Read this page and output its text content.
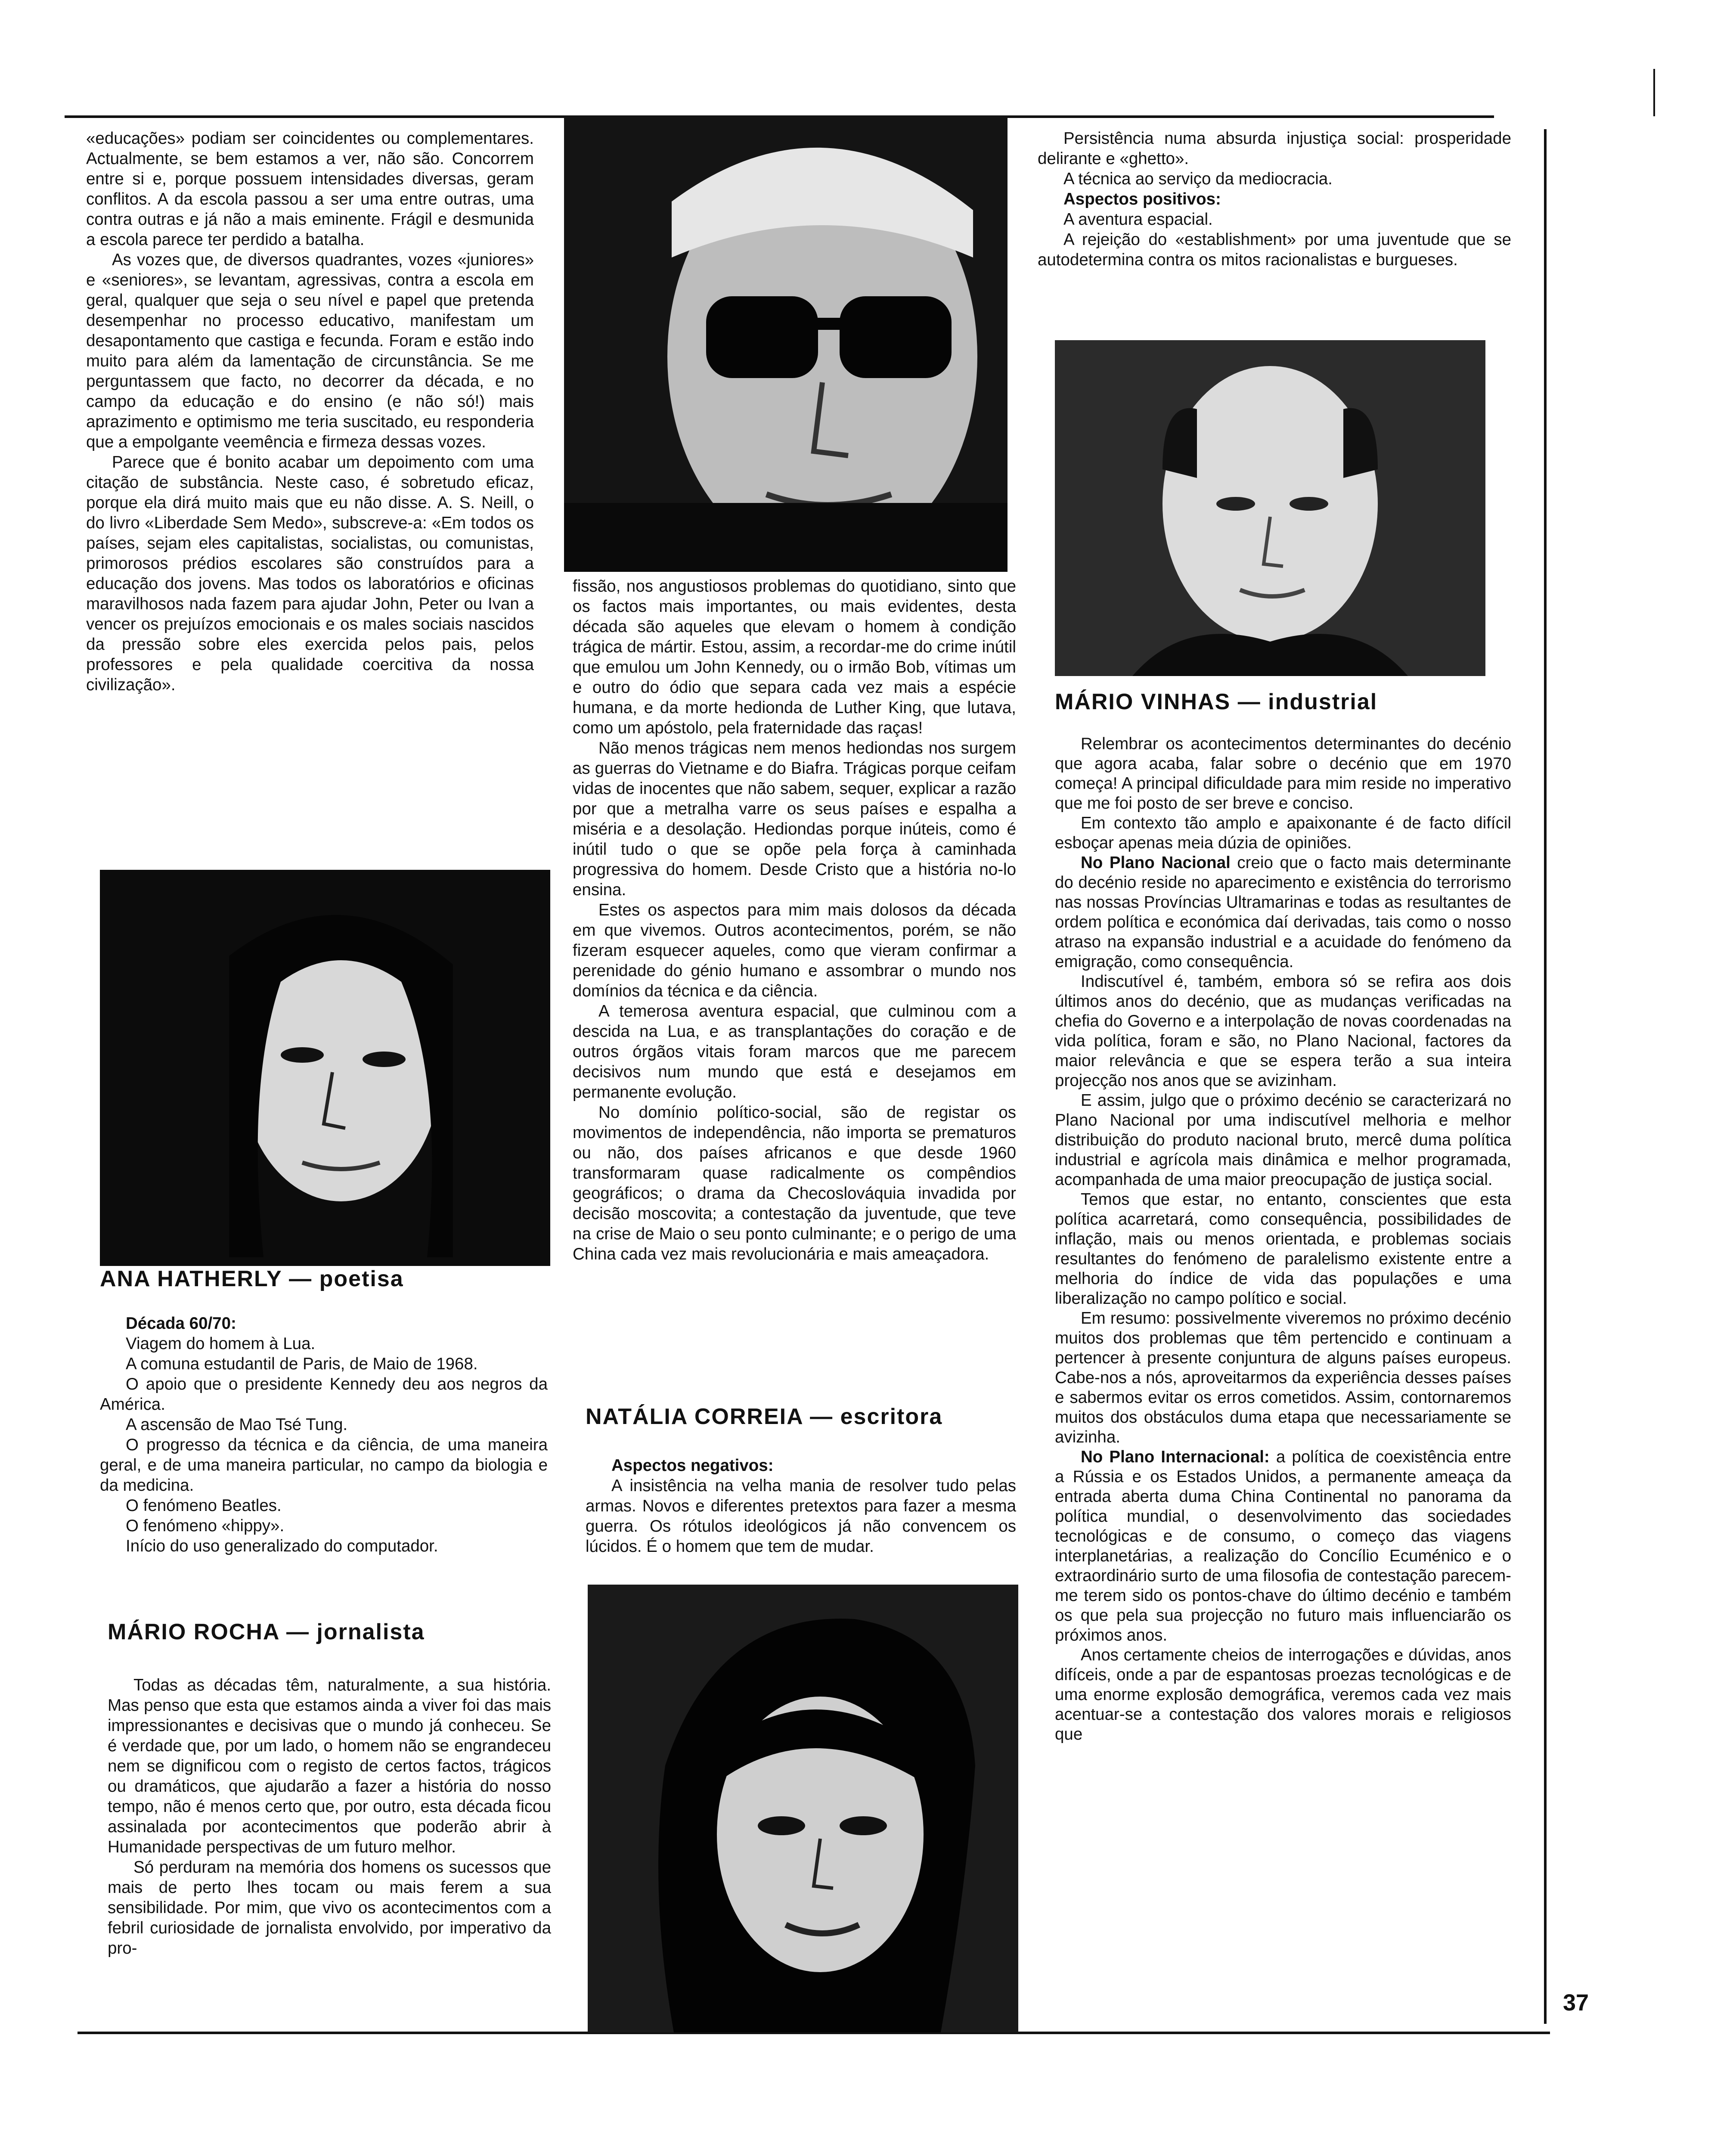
«educações» podiam ser coincidentes ou complementares. Actualmente, se bem estamos a ver, não são. Concorrem entre si e, porque possuem intensidades diversas, geram conflitos. A da escola passou a ser uma entre outras, uma contra outras e já não a mais eminente. Frágil e desmunida a escola parece ter perdido a batalha.

As vozes que, de diversos quadrantes, vozes «juniores» e «seniores», se levantam, agressivas, contra a escola em geral, qualquer que seja o seu nível e papel que pretenda desempenhar no processo educativo, manifestam um desapontamento que castiga e fecunda. Foram e estão indo muito para além da lamentação de circunstância. Se me perguntassem que facto, no decorrer da década, e no campo da educação e do ensino (e não só!) mais aprazimento e optimismo me teria suscitado, eu responderia que a empolgante veemência e firmeza dessas vozes.

Parece que é bonito acabar um depoimento com uma citação de substância. Neste caso, é sobretudo eficaz, porque ela dirá muito mais que eu não disse. A. S. Neill, o do livro «Liberdade Sem Medo», subscreve-a: «Em todos os países, sejam eles capitalistas, socialistas, ou comunistas, primorosos prédios escolares são construídos para a educação dos jovens. Mas todos os laboratórios e oficinas maravilhosos nada fazem para ajudar John, Peter ou Ivan a vencer os prejuízos emocionais e os males sociais nascidos da pressão sobre eles exercida pelos pais, pelos professores e pela qualidade coercitiva da nossa civilização».

ANA HATHERLY — poetisa
Década 60/70:

Viagem do homem à Lua.

A comuna estudantil de Paris, de Maio de 1968.

O apoio que o presidente Kennedy deu aos negros da América.

A ascensão de Mao Tsé Tung.

O progresso da técnica e da ciência, de uma maneira geral, e de uma maneira particular, no campo da biologia e da medicina.

O fenómeno Beatles.

O fenómeno «hippy».

Início do uso generalizado do computador.

MÁRIO ROCHA — jornalista

Todas as décadas têm, naturalmente, a sua história. Mas penso que esta que estamos ainda a viver foi das mais impressionantes e decisivas que o mundo já conheceu. Se é verdade que, por um lado, o homem não se engrandeceu nem se dignificou com o registo de certos factos, trágicos ou dramáticos, que ajudarão a fazer a história do nosso tempo, não é menos certo que, por outro, esta década ficou assinalada por acontecimentos que poderão abrir à Humanidade perspectivas de um futuro melhor.

Só perduram na memória dos homens os sucessos que mais de perto lhes tocam ou mais ferem a sua sensibilidade. Por mim, que vivo os acontecimentos com a febril curiosidade de jornalista envolvido, por imperativo da pro-

fissão, nos angustiosos problemas do quotidiano, sinto que os factos mais importantes, ou mais evidentes, desta década são aqueles que elevam o homem à condição trágica de mártir. Estou, assim, a recordar-me do crime inútil que emulou um John Kennedy, ou o irmão Bob, vítimas um e outro do ódio que separa cada vez mais a espécie humana, e da morte hedionda de Luther King, que lutava, como um apóstolo, pela fraternidade das raças!

Não menos trágicas nem menos hediondas nos surgem as guerras do Vietname e do Biafra. Trágicas porque ceifam vidas de inocentes que não sabem, sequer, explicar a razão por que a metralha varre os seus países e espalha a miséria e a desolação. Hediondas porque inúteis, como é inútil tudo o que se opõe pela força à caminhada progressiva do homem. Desde Cristo que a história no-lo ensina.

Estes os aspectos para mim mais dolosos da década em que vivemos. Outros acontecimentos, porém, se não fizeram esquecer aqueles, como que vieram confirmar a perenidade do génio humano e assombrar o mundo nos domínios da técnica e da ciência.

A temerosa aventura espacial, que culminou com a descida na Lua, e as transplantações do coração e de outros órgãos vitais foram marcos que me parecem decisivos num mundo que está e desejamos em permanente evolução.

No domínio político-social, são de registar os movimentos de independência, não importa se prematuros ou não, dos países africanos e que desde 1960 transformaram quase radicalmente os compêndios geográficos; o drama da Checoslováquia invadida por decisão moscovita; a contestação da juventude, que teve na crise de Maio o seu ponto culminante; e o perigo de uma China cada vez mais revolucionária e mais ameaçadora.

NATÁLIA CORREIA — escritora
Aspectos negativos:

A insistência na velha mania de resolver tudo pelas armas. Novos e diferentes pretextos para fazer a mesma guerra. Os rótulos ideológicos já não convencem os lúcidos. É o homem que tem de mudar.

Persistência numa absurda injustiça social: prosperidade delirante e «ghetto».

A técnica ao serviço da mediocracia.

Aspectos positivos:

A aventura espacial.

A rejeição do «establishment» por uma juventude que se autodetermina contra os mitos racionalistas e burgueses.

MÁRIO VINHAS — industrial

Relembrar os acontecimentos determinantes do decénio que agora acaba, falar sobre o decénio que em 1970 começa! A principal dificuldade para mim reside no imperativo que me foi posto de ser breve e conciso.

Em contexto tão amplo e apaixonante é de facto difícil esboçar apenas meia dúzia de opiniões.

No Plano Nacional creio que o facto mais determinante do decénio reside no aparecimento e existência do terrorismo nas nossas Províncias Ultramarinas e todas as resultantes de ordem política e económica daí derivadas, tais como o nosso atraso na expansão industrial e a acuidade do fenómeno da emigração, como consequência.

Indiscutível é, também, embora só se refira aos dois últimos anos do decénio, que as mudanças verificadas na chefia do Governo e a interpolação de novas coordenadas na vida política, foram e são, no Plano Nacional, factores da maior relevância e que se espera terão a sua inteira projecção nos anos que se avizinham.

E assim, julgo que o próximo decénio se caracterizará no Plano Nacional por uma indiscutível melhoria e melhor distribuição do produto nacional bruto, mercê duma política industrial e agrícola mais dinâmica e melhor programada, acompanhada de uma maior preocupação de justiça social.

Temos que estar, no entanto, conscientes que esta política acarretará, como consequência, possibilidades de inflação, mais ou menos orientada, e problemas sociais resultantes do fenómeno de paralelismo existente entre a melhoria do índice de vida das populações e uma liberalização no campo político e social.

Em resumo: possivelmente viveremos no próximo decénio muitos dos problemas que têm pertencido e continuam a pertencer à presente conjuntura de alguns países europeus. Cabe-nos a nós, aproveitarmos da experiência desses países e sabermos evitar os erros cometidos. Assim, contornaremos muitos dos obstáculos duma etapa que necessariamente se avizinha.

No Plano Internacional: a política de coexistência entre a Rússia e os Estados Unidos, a permanente ameaça da entrada aberta duma China Continental no panorama da política mundial, o desenvolvimento das sociedades tecnológicas e de consumo, o começo das viagens interplanetárias, a realização do Concílio Ecuménico e o extraordinário surto de uma filosofia de contestação parecem-me terem sido os pontos-chave do último decénio e também os que pela sua projecção no futuro mais influenciarão os próximos anos.

Anos certamente cheios de interrogações e dúvidas, anos difíceis, onde a par de espantosas proezas tecnológicas e de uma enorme explosão demográfica, veremos cada vez mais acentuar-se a contestação dos valores morais e religiosos que

37
